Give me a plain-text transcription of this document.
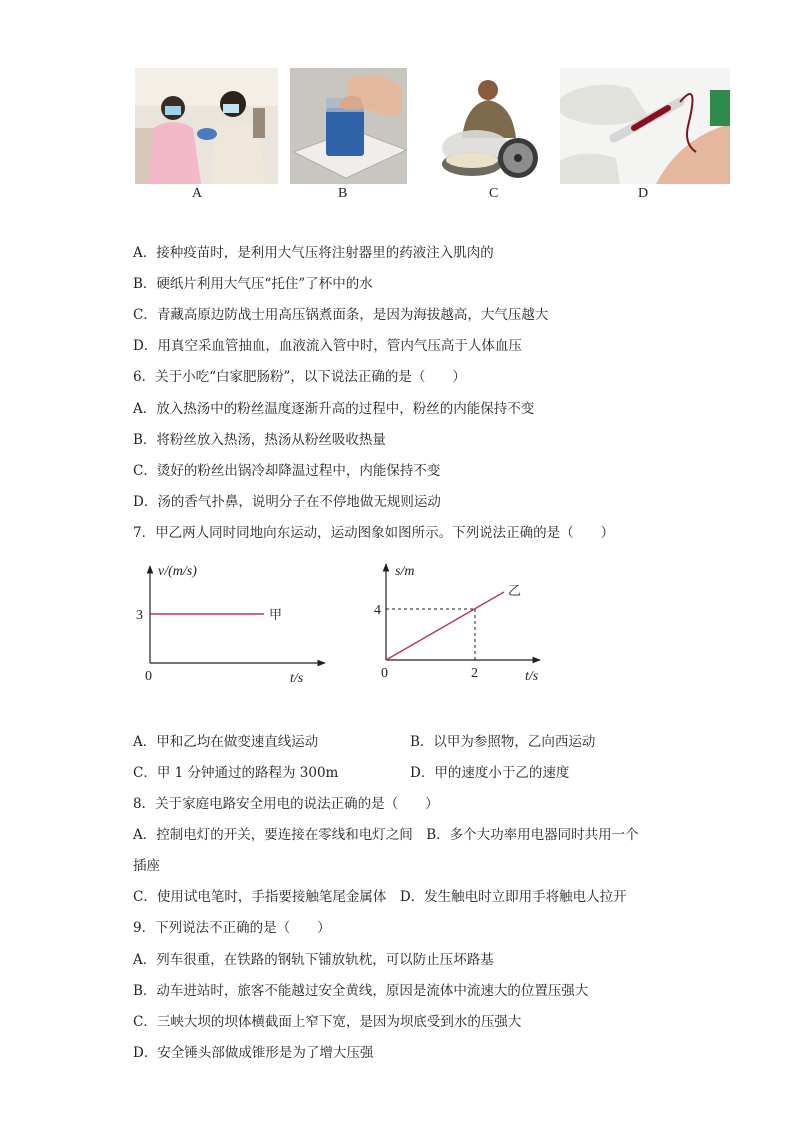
A	B	C	D
A．接种疫苗时，是利用大气压将注射器里的药液注入肌肉的
B．硬纸片利用大气压“托住”了杯中的水
C．青藏高原边防战士用高压锅煮面条，是因为海拔越高，大气压越大
D．用真空采血管抽血，血液流入管中时，管内气压高于人体血压
6．关于小吃“白家肥肠粉”，以下说法正确的是（　　）
A．放入热汤中的粉丝温度逐渐升高的过程中，粉丝的内能保持不变
B．将粉丝放入热汤，热汤从粉丝吸收热量
C．烫好的粉丝出锅冷却降温过程中，内能保持不变
D．汤的香气扑鼻，说明分子在不停地做无规则运动
7．甲乙两人同时同地向东运动，运动图象如图所示。下列说法正确的是（　　）
v/(m/s)
3	甲
0	t/s
s/m
4
乙
0	2	t/s
A．甲和乙均在做变速直线运动	B．以甲为参照物，乙向西运动
C．甲 1 分钟通过的路程为 300m	D．甲的速度小于乙的速度
8．关于家庭电路安全用电的说法正确的是（　　）
A．控制电灯的开关，要连接在零线和电灯之间　B．多个大功率用电器同时共用一个
插座
C．使用试电笔时，手指要接触笔尾金属体　D．发生触电时立即用手将触电人拉开
9．下列说法不正确的是（　　）
A．列车很重，在铁路的钢轨下铺放轨枕，可以防止压坏路基
B．动车进站时，旅客不能越过安全黄线，原因是流体中流速大的位置压强大
C．三峡大坝的坝体横截面上窄下宽，是因为坝底受到水的压强大
D．安全锤头部做成锥形是为了增大压强
